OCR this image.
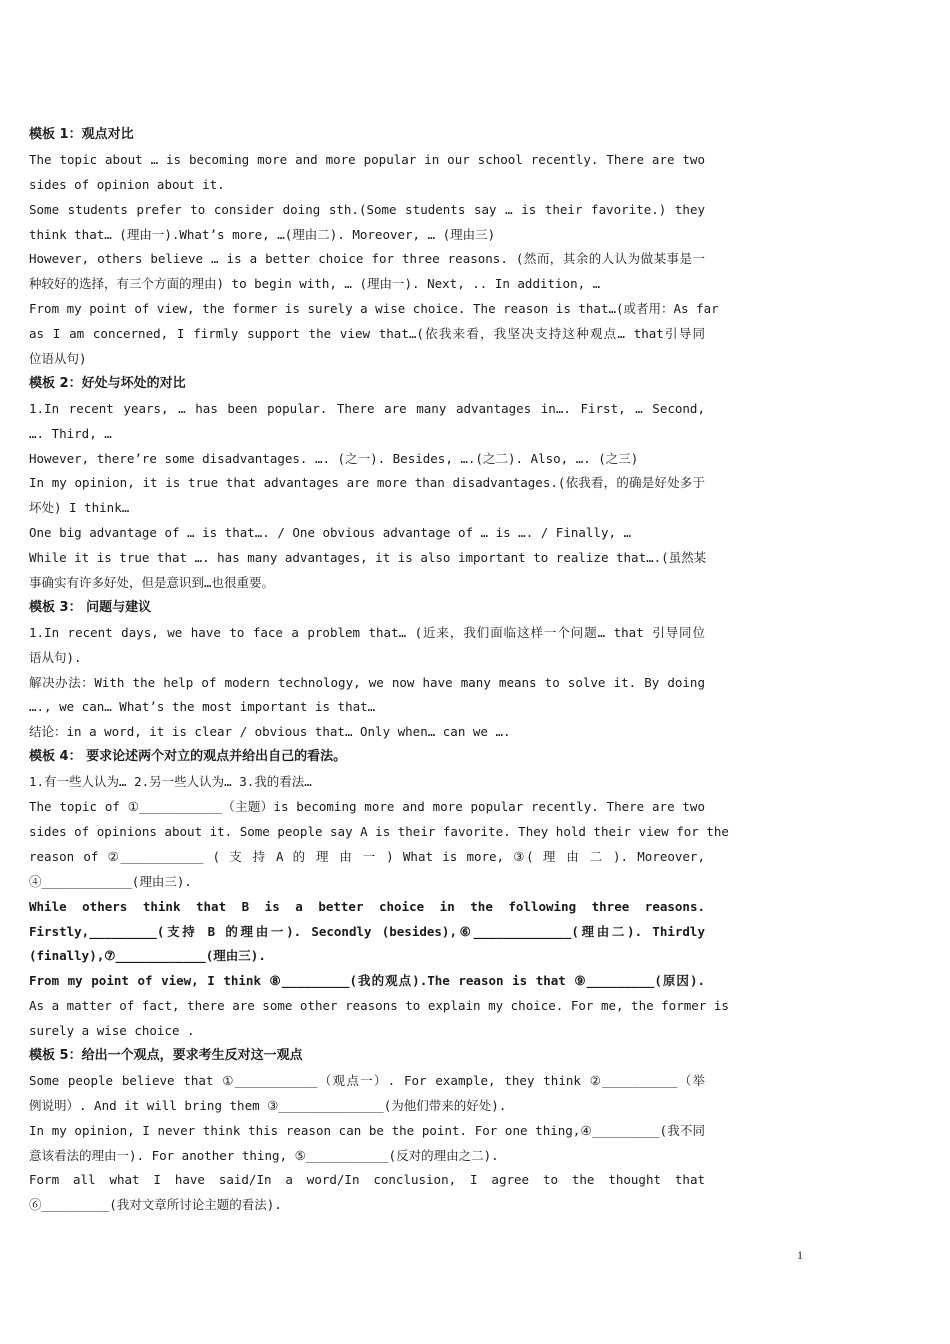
模板 1：观点对比
The topic about … is becoming more and more popular in our school recently. There are two
sides of opinion about it.
Some students prefer to consider doing sth.(Some students say … is their favorite.) they
think that… (理由一).What’s more, …(理由二). Moreover, … (理由三)
However, others believe … is a better choice for three reasons. (然而，其余的人认为做某事是一
种较好的选择，有三个方面的理由) to begin with, … (理由一). Next, .. In addition, …
From my point of view, the former is surely a wise choice. The reason is that…(或者用：As far
as I am concerned, I firmly support the view that…(依我来看，我坚决支持这种观点… that引导同
位语从句)
模板 2：好处与坏处的对比
1.In recent years, … has been popular. There are many advantages in…. First, … Second,
…. Third, …
However, there’re some disadvantages. …. (之一). Besides, ….(之二). Also, …. (之三)
In my opinion, it is true that advantages are more than disadvantages.(依我看，的确是好处多于
坏处) I think…
One big advantage of … is that…. / One obvious advantage of … is …. / Finally, …
While it is true that …. has many advantages, it is also important to realize that….(虽然某
事确实有许多好处，但是意识到…也很重要。
模板 3： 问题与建议
1.In recent days, we have to face a problem that… (近来，我们面临这样一个问题… that 引导同位
语从句).
解决办法：With the help of modern technology, we now have many means to solve it. By doing
…., we can… What’s the most important is that…
结论：in a word, it is clear / obvious that… Only when… can we ….
模板 4： 要求论述两个对立的观点并给出自己的看法。
1.有一些人认为… 2.另一些人认为… 3.我的看法…
The topic of ①___________（主题）is becoming more and more popular recently. There are two
sides of opinions about it. Some people say A is their favorite. They hold their view for the
reason of ②___________ ( 支 持 A 的 理 由 一 ) What is more, ③( 理 由 二 ). Moreover,
④____________(理由三).
While others think that B is a better choice in the following three reasons.
Firstly,_________(支持 B 的理由一). Secondly (besides),⑥_____________(理由二). Thirdly
(finally),⑦____________(理由三).
From my point of view, I think ⑧_________(我的观点).The reason is that ⑨_________(原因).
As a matter of fact, there are some other reasons to explain my choice. For me, the former is
surely a wise choice .
模板 5：给出一个观点，要求考生反对这一观点
Some people believe that ①___________（观点一）. For example, they think ②__________（举
例说明）. And it will bring them ③______________(为他们带来的好处).
In my opinion, I never think this reason can be the point. For one thing,④_________(我不同
意该看法的理由一). For another thing, ⑤___________(反对的理由之二).
Form all what I have said/In a word/In conclusion, I agree to the thought that
⑥_________(我对文章所讨论主题的看法).
1
